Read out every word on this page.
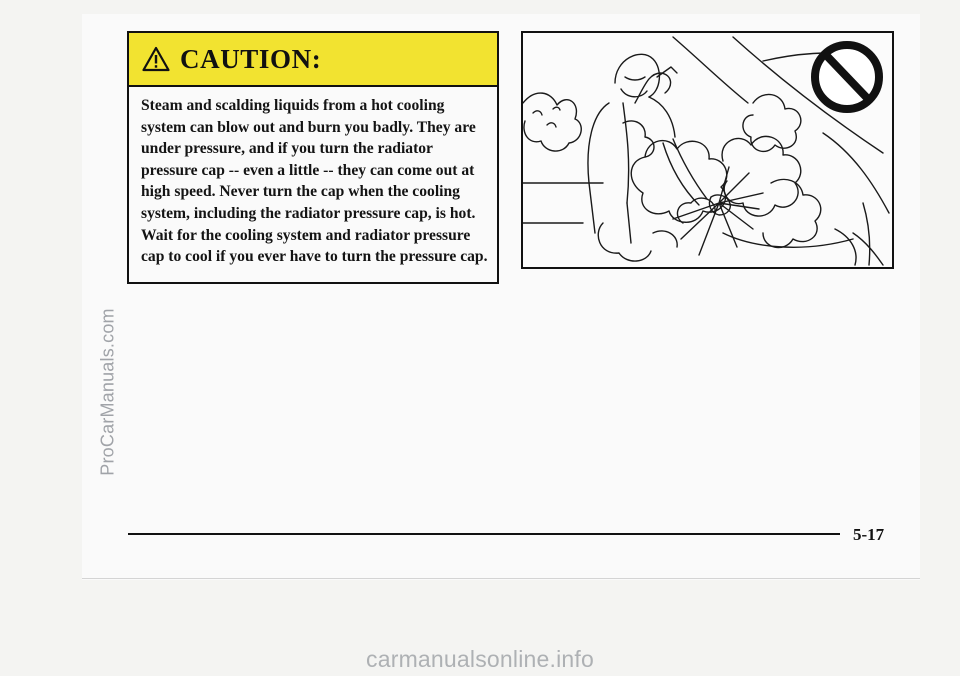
ProCarManuals.com
CAUTION:

Steam and scalding liquids from a hot cooling system can blow out and burn you badly. They are under pressure, and if you turn the radiator pressure cap -- even a little -- they can come out at high speed. Never turn the cap when the cooling system, including the radiator pressure cap, is hot. Wait for the cooling system and radiator pressure cap to cool if you ever have to turn the pressure cap.

5-17
carmanualsonline.info
